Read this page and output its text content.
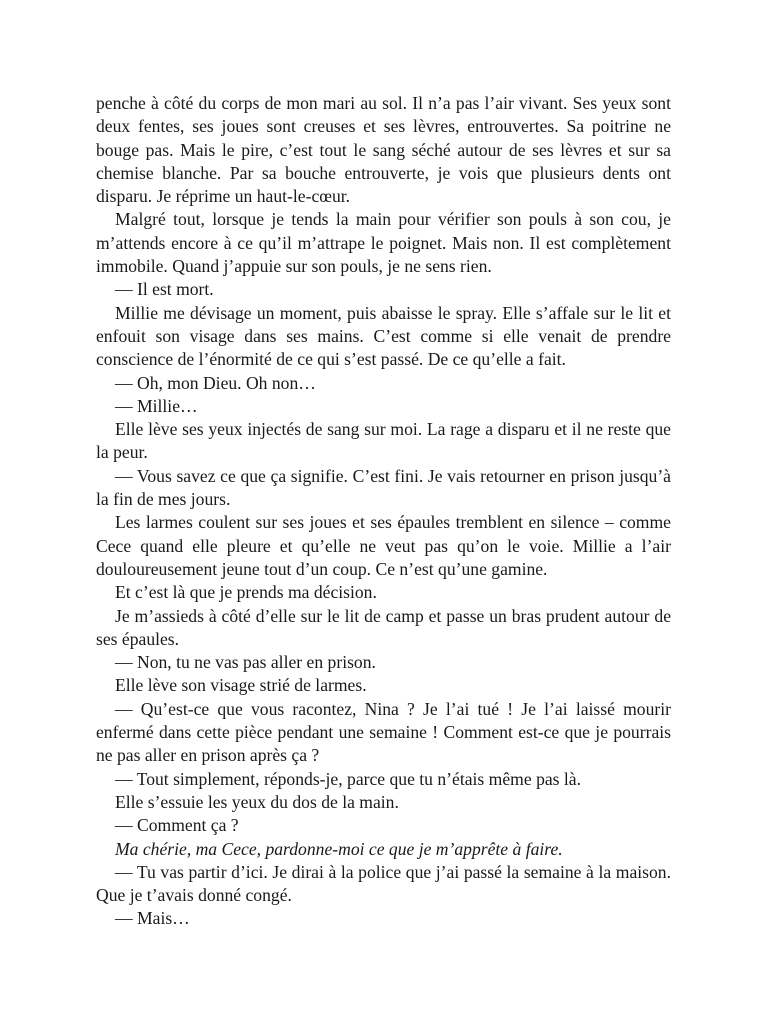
penche à côté du corps de mon mari au sol. Il n’a pas l’air vivant. Ses yeux sont deux fentes, ses joues sont creuses et ses lèvres, entrouvertes. Sa poitrine ne bouge pas. Mais le pire, c’est tout le sang séché autour de ses lèvres et sur sa chemise blanche. Par sa bouche entrouverte, je vois que plusieurs dents ont disparu. Je réprime un haut-le-cœur.

Malgré tout, lorsque je tends la main pour vérifier son pouls à son cou, je m’attends encore à ce qu’il m’attrape le poignet. Mais non. Il est complètement immobile. Quand j’appuie sur son pouls, je ne sens rien.

— Il est mort.

Millie me dévisage un moment, puis abaisse le spray. Elle s’affale sur le lit et enfouit son visage dans ses mains. C’est comme si elle venait de prendre conscience de l’énormité de ce qui s’est passé. De ce qu’elle a fait.

— Oh, mon Dieu. Oh non…

— Millie…

Elle lève ses yeux injectés de sang sur moi. La rage a disparu et il ne reste que la peur.

— Vous savez ce que ça signifie. C’est fini. Je vais retourner en prison jusqu’à la fin de mes jours.

Les larmes coulent sur ses joues et ses épaules tremblent en silence – comme Cece quand elle pleure et qu’elle ne veut pas qu’on le voie. Millie a l’air douloureusement jeune tout d’un coup. Ce n’est qu’une gamine.

Et c’est là que je prends ma décision.

Je m’assieds à côté d’elle sur le lit de camp et passe un bras prudent autour de ses épaules.

— Non, tu ne vas pas aller en prison.

Elle lève son visage strié de larmes.

— Qu’est-ce que vous racontez, Nina ? Je l’ai tué ! Je l’ai laissé mourir enfermé dans cette pièce pendant une semaine ! Comment est-ce que je pourrais ne pas aller en prison après ça ?

— Tout simplement, réponds-je, parce que tu n’étais même pas là.

Elle s’essuie les yeux du dos de la main.

— Comment ça ?

Ma chérie, ma Cece, pardonne-moi ce que je m’apprête à faire.

— Tu vas partir d’ici. Je dirai à la police que j’ai passé la semaine à la maison. Que je t’avais donné congé.

— Mais…
